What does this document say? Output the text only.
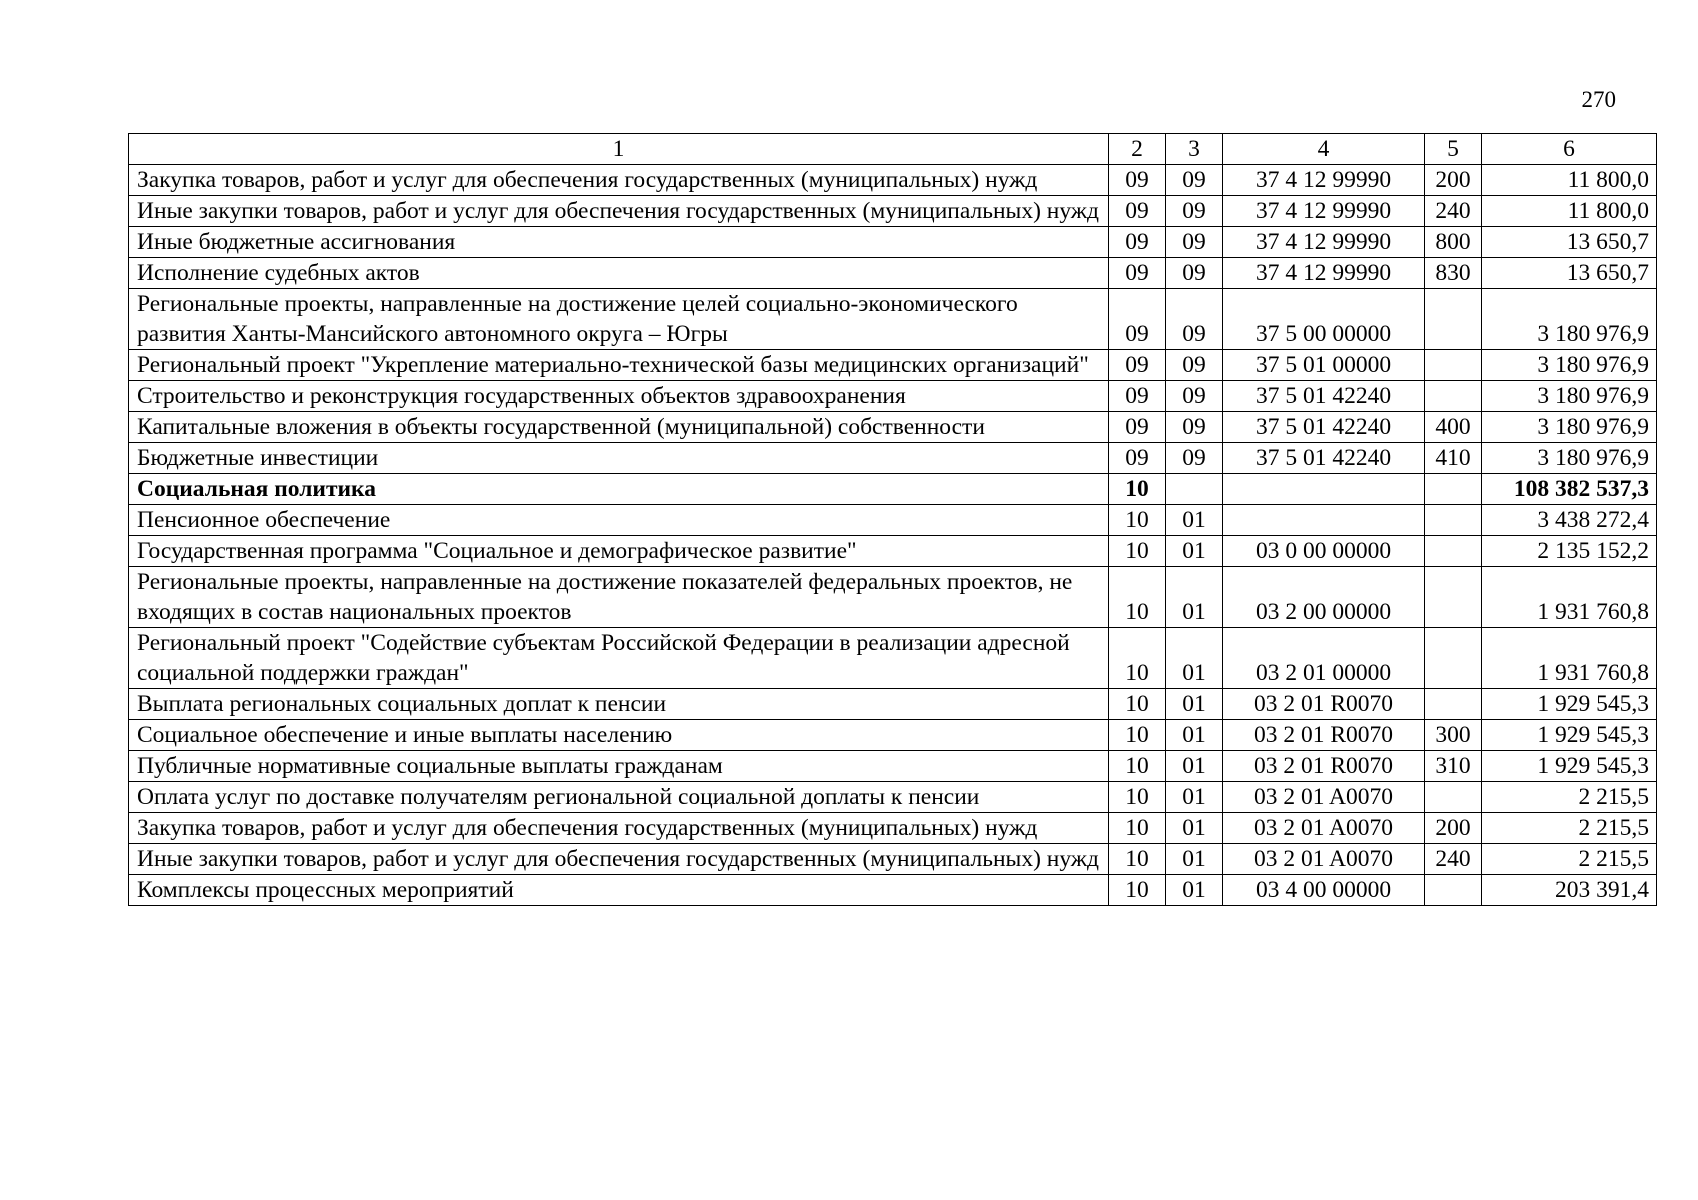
270
1	2	3	4	5	6
Закупка товаров, работ и услуг для обеспечения государственных (муниципальных) нужд	09	09	37 4 12 99990	200	11 800,0
Иные закупки товаров, работ и услуг для обеспечения государственных (муниципальных) нужд	09	09	37 4 12 99990	240	11 800,0
Иные бюджетные ассигнования	09	09	37 4 12 99990	800	13 650,7
Исполнение судебных актов	09	09	37 4 12 99990	830	13 650,7
Региональные проекты, направленные на достижение целей социально-экономического развития Ханты-Мансийского автономного округа – Югры	09	09	37 5 00 00000		3 180 976,9
Региональный проект "Укрепление материально-технической базы медицинских организаций"	09	09	37 5 01 00000		3 180 976,9
Строительство и реконструкция государственных объектов здравоохранения	09	09	37 5 01 42240		3 180 976,9
Капитальные вложения в объекты государственной (муниципальной) собственности	09	09	37 5 01 42240	400	3 180 976,9
Бюджетные инвестиции	09	09	37 5 01 42240	410	3 180 976,9
Социальная политика	10				108 382 537,3
Пенсионное обеспечение	10	01			3 438 272,4
Государственная программа "Социальное и демографическое развитие"	10	01	03 0 00 00000		2 135 152,2
Региональные проекты, направленные на достижение показателей федеральных проектов, не входящих в состав национальных проектов	10	01	03 2 00 00000		1 931 760,8
Региональный проект "Содействие субъектам Российской Федерации в реализации адресной социальной поддержки граждан"	10	01	03 2 01 00000		1 931 760,8
Выплата региональных социальных доплат к пенсии	10	01	03 2 01 R0070		1 929 545,3
Социальное обеспечение и иные выплаты населению	10	01	03 2 01 R0070	300	1 929 545,3
Публичные нормативные социальные выплаты гражданам	10	01	03 2 01 R0070	310	1 929 545,3
Оплата услуг по доставке получателям региональной социальной доплаты к пенсии	10	01	03 2 01 A0070		2 215,5
Закупка товаров, работ и услуг для обеспечения государственных (муниципальных) нужд	10	01	03 2 01 A0070	200	2 215,5
Иные закупки товаров, работ и услуг для обеспечения государственных (муниципальных) нужд	10	01	03 2 01 A0070	240	2 215,5
Комплексы процессных мероприятий	10	01	03 4 00 00000		203 391,4
